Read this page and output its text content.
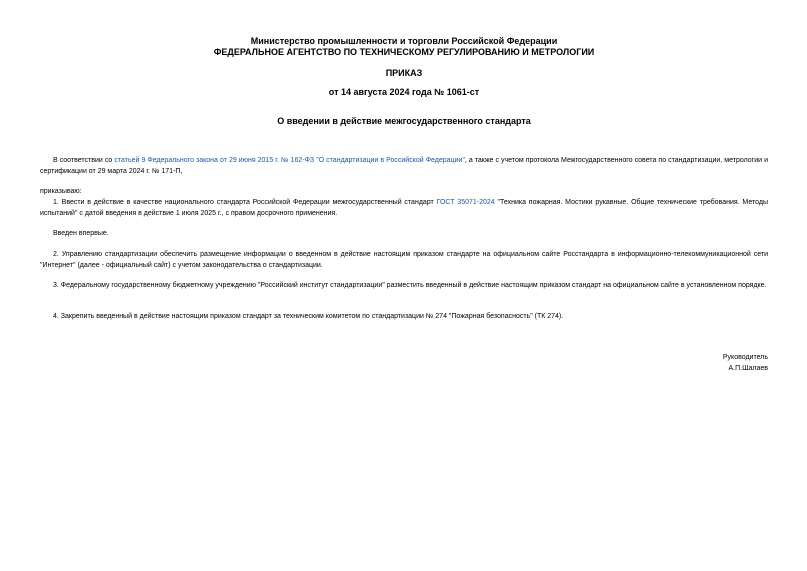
Министерство промышленности и торговли Российской Федерации
ФЕДЕРАЛЬНОЕ АГЕНТСТВО ПО ТЕХНИЧЕСКОМУ РЕГУЛИРОВАНИЮ И МЕТРОЛОГИИ
ПРИКАЗ
от 14 августа 2024 года № 1061-ст
О введении в действие межгосударственного стандарта
В соответствии со статьей 9 Федерального закона от 29 июня 2015 г. № 162-ФЗ "О стандартизации в Российской Федерации", а также с учетом протокола Межгосударственного совета по стандартизации, метрологии и сертификации от 29 марта 2024 г. № 171-П,
приказываю:
1. Ввести в действие в качестве национального стандарта Российской Федерации межгосударственный стандарт ГОСТ 35071-2024 "Техника пожарная. Мостики рукавные. Общие технические требования. Методы испытаний" с датой введения в действие 1 июля 2025 г., с правом досрочного применения.
Введен впервые.
2. Управлению стандартизации обеспечить размещение информации о введенном в действие настоящим приказом стандарте на официальном сайте Росстандарта в информационно-телекоммуникационной сети "Интернет" (далее - официальный сайт) с учетом законодательства о стандартизации.
3. Федеральному государственному бюджетному учреждению "Российский институт стандартизации" разместить введенный в действие настоящим приказом стандарт на официальном сайте в установленном порядке.
4. Закрепить введенный в действие настоящим приказом стандарт за техническим комитетом по стандартизации № 274 "Пожарная безопасность" (ТК 274).
Руководитель
А.П.Шалаев
